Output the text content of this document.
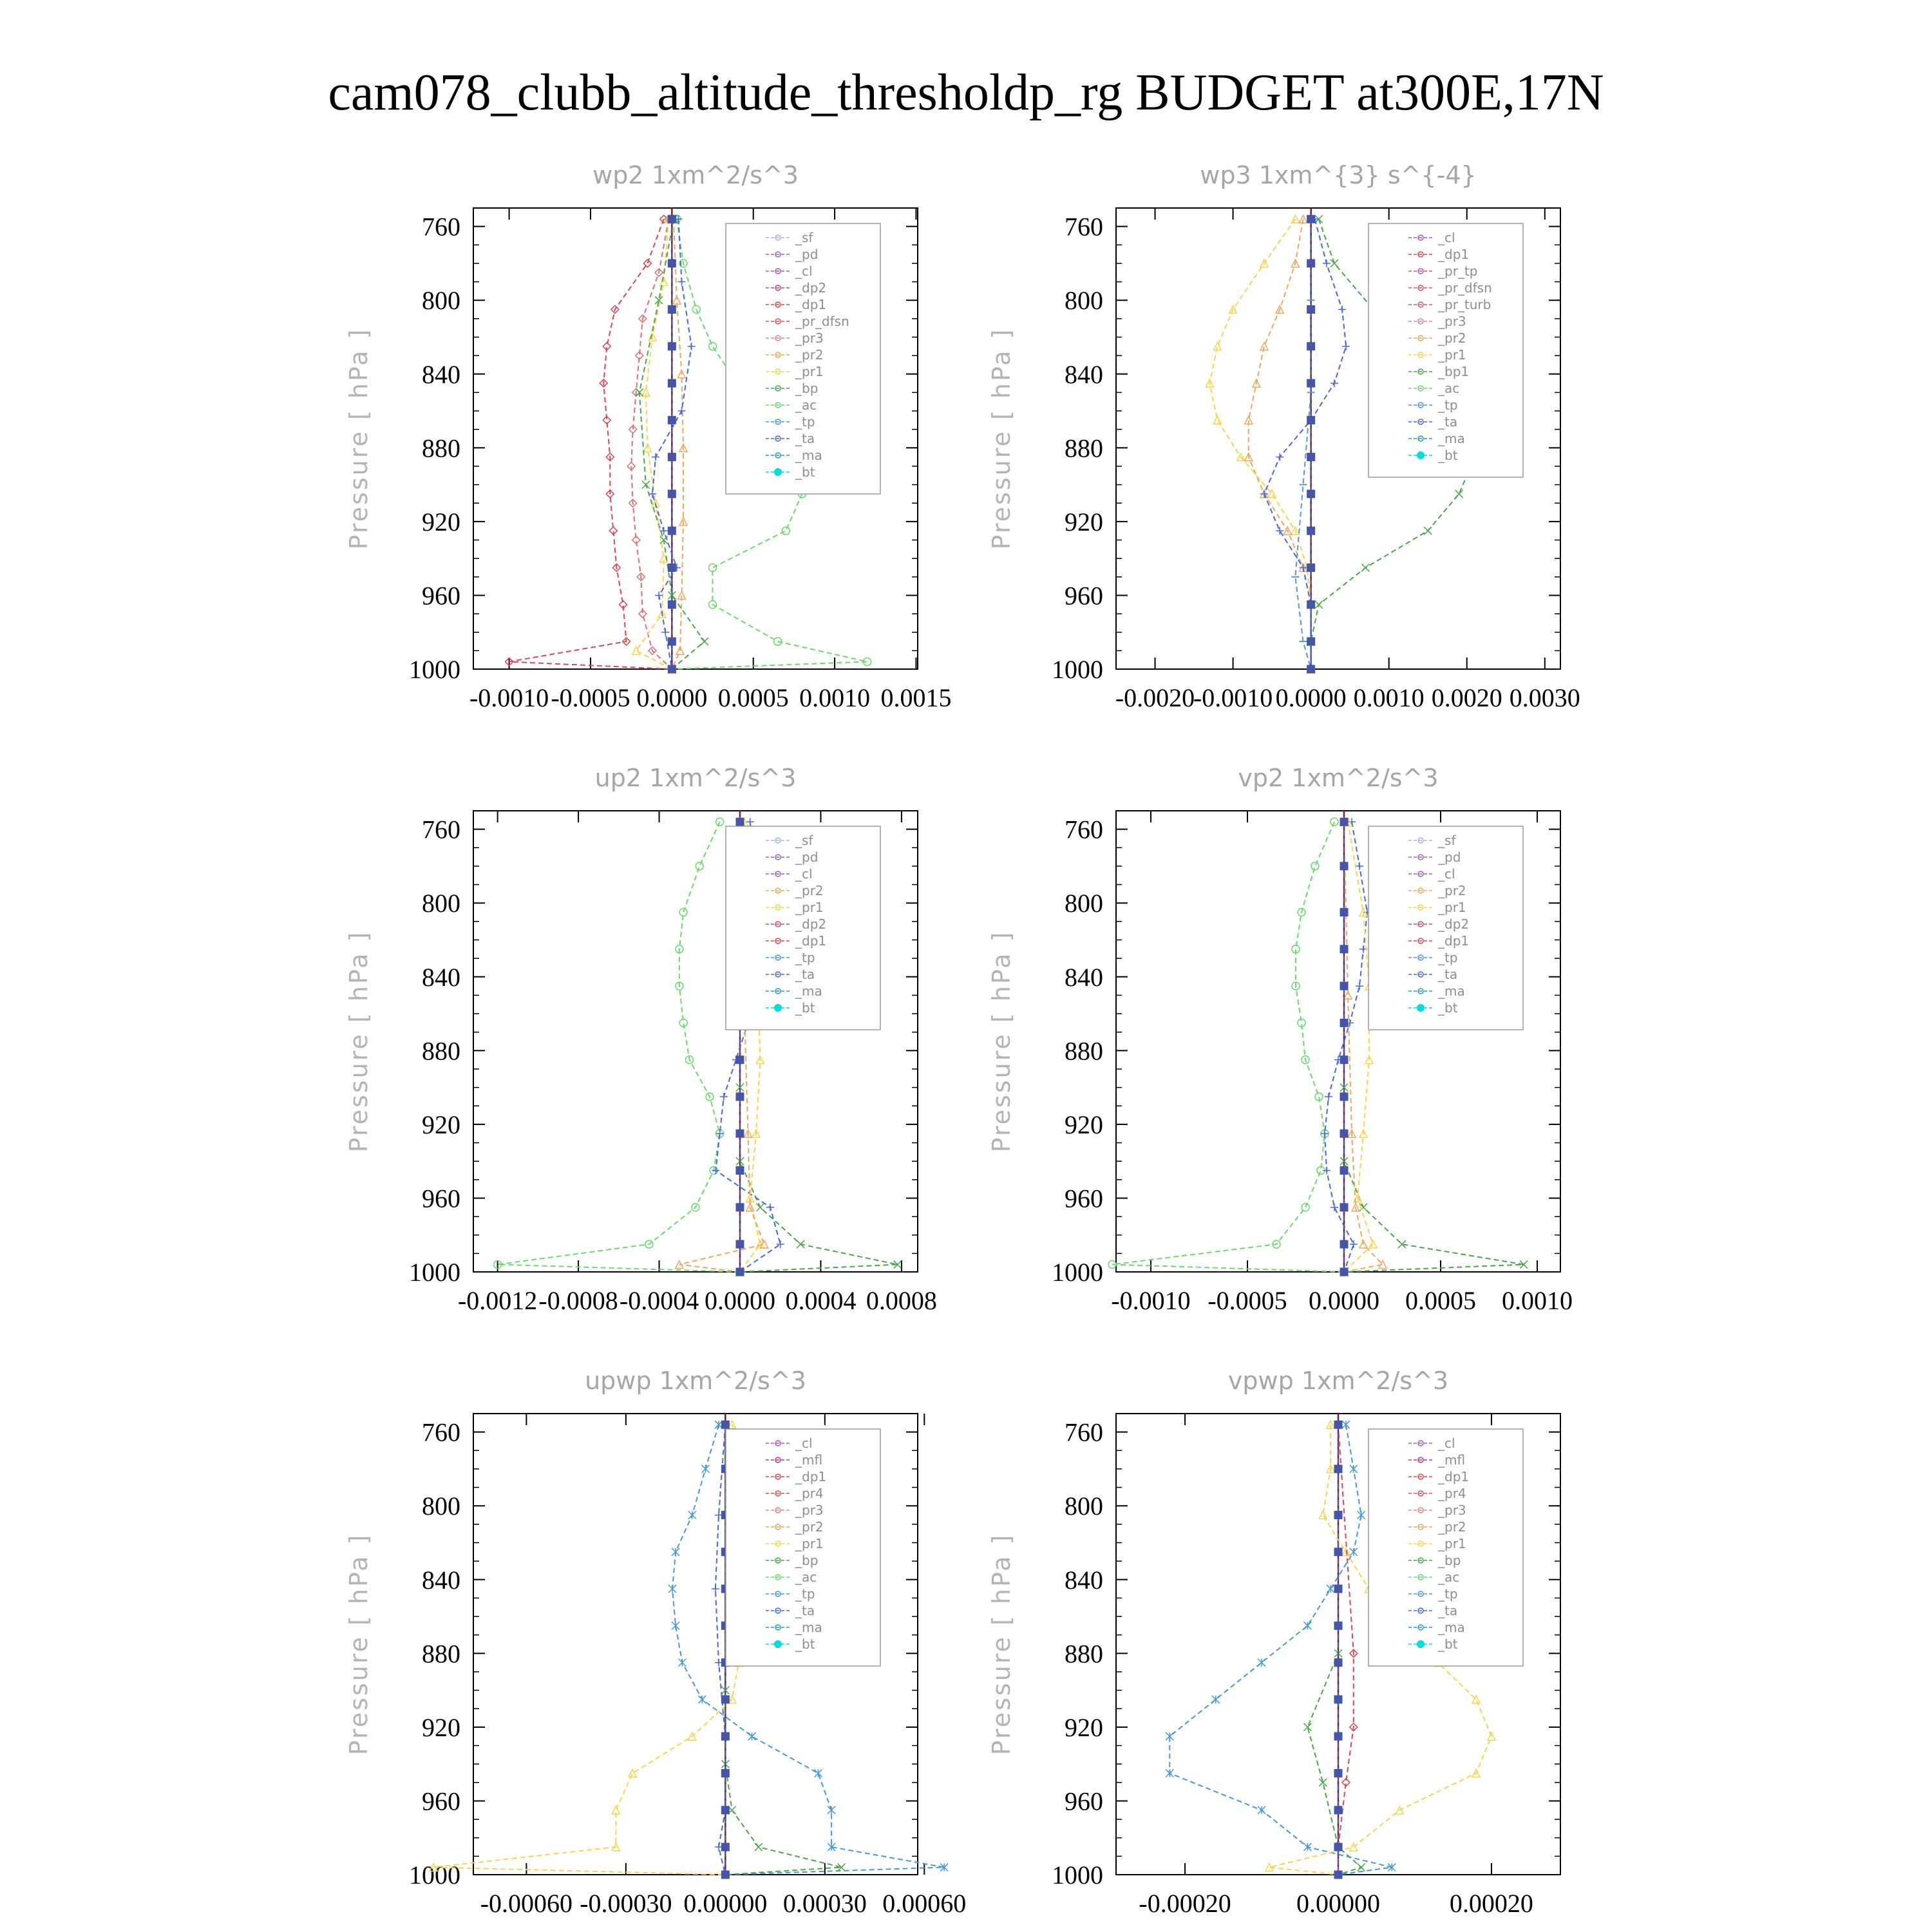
cam078_clubb_altitude_thresholdp_rg BUDGET at300E,17N
wp2 1xm^2/s^3
Pressure [ hPa ]
-0.0010 -0.0005 0.0000 0.0005 0.0010 0.0015
760
800
840
880
920
960
1000
_sf
_pd
_cl
_dp2
_dp1
_pr_dfsn
_pr3
_pr2
_pr1
_bp
_ac
_tp
_ta
_ma
_bt
wp3 1xm^{3} s^{-4}
Pressure [ hPa ]
-0.0020
-0.0010 0.0000 0.0010 0.0020 0.0030
760
800
840
880
920
960
1000
_cl
_dp1
_pr_tp
_pr_dfsn
_pr_turb
_pr3
_pr2
_pr1
_bp1
_ac
_tp
_ta
_ma
_bt
up2 1xm^2/s^3
Pressure [ hPa ]
-0.0012 -0.0008 -0.0004 0.0000 0.0004 0.0008
760
800
840
880
920
960
1000
_sf
_pd
_cl
_pr2
_pr1
_dp2
_dp1
_tp
_ta
_ma
_bt
vp2 1xm^2/s^3
Pressure [ hPa ]
-0.0010 -0.0005 0.0000 0.0005 0.0010
760
800
840
880
920
960
1000
_sf
_pd
_cl
_pr2
_pr1
_dp2
_dp1
_tp
_ta
_ma
_bt
upwp 1xm^2/s^3
Pressure [ hPa ]
-0.00060 -0.00030 0.00000 0.00030 0.00060
760
800
840
880
920
960
1000
_cl
_mfl
_dp1
_pr4
_pr3
_pr2
_pr1
_bp
_ac
_tp
_ta
_ma
_bt
vpwp 1xm^2/s^3
Pressure [ hPa ]
-0.00020	0.00000	0.00020
760
800
840
880
920
960
1000
_cl
_mfl
_dp1
_pr4
_pr3
_pr2
_pr1
_bp
_ac
_tp
_ta
_ma
_bt
